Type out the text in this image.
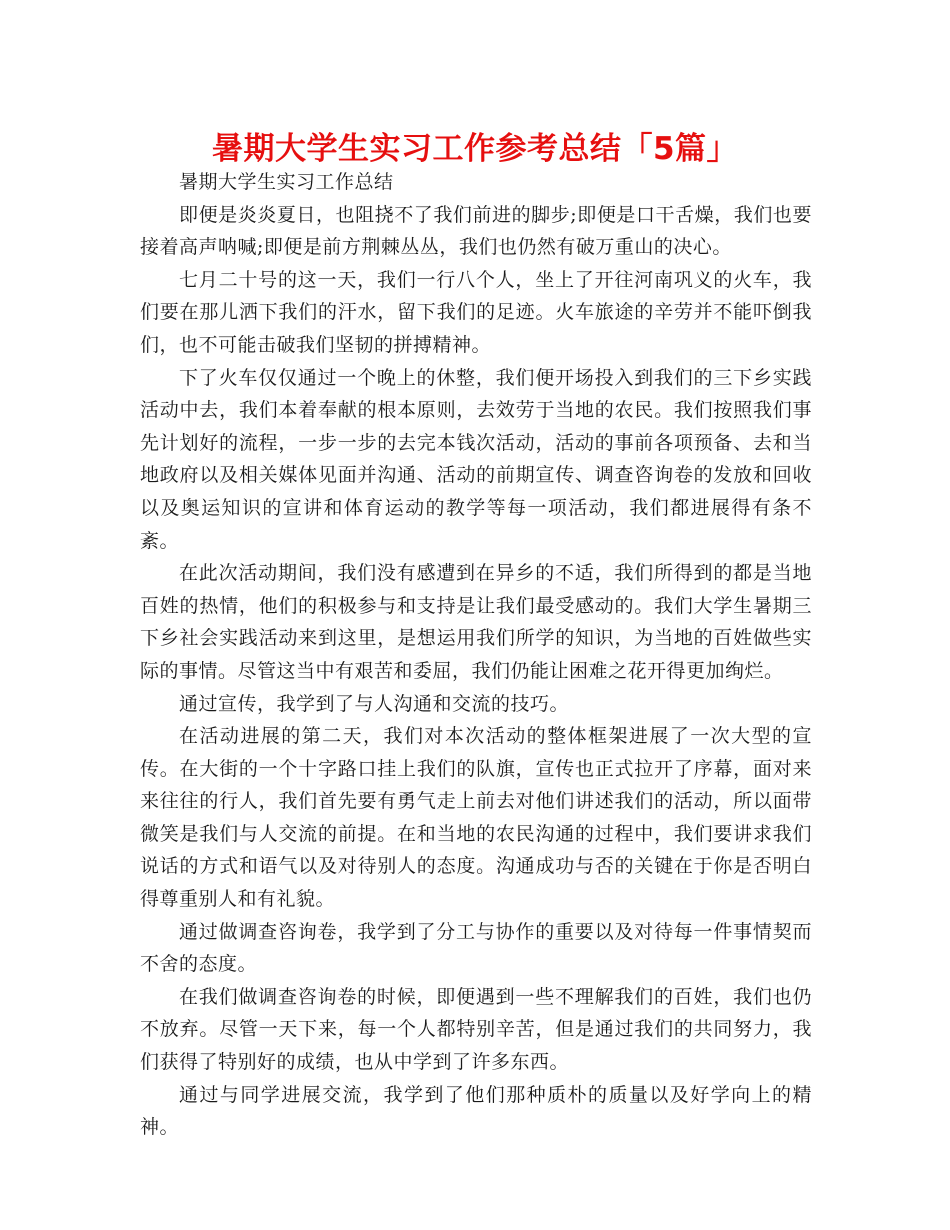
暑期大学生实习工作参考总结「5篇」

暑期大学生实习工作总结

即便是炎炎夏日，也阻挠不了我们前进的脚步;即便是口干舌燥，我们也要接着高声呐喊;即便是前方荆棘丛丛，我们也仍然有破万重山的决心。

七月二十号的这一天，我们一行八个人，坐上了开往河南巩义的火车，我们要在那儿洒下我们的汗水，留下我们的足迹。火车旅途的辛劳并不能吓倒我们，也不可能击破我们坚韧的拼搏精神。

下了火车仅仅通过一个晚上的休整，我们便开场投入到我们的三下乡实践活动中去，我们本着奉献的根本原则，去效劳于当地的农民。我们按照我们事先计划好的流程，一步一步的去完本钱次活动，活动的事前各项预备、去和当地政府以及相关媒体见面并沟通、活动的前期宣传、调查咨询卷的发放和回收以及奥运知识的宣讲和体育运动的教学等每一项活动，我们都进展得有条不紊。

在此次活动期间，我们没有感遭到在异乡的不适，我们所得到的都是当地百姓的热情，他们的积极参与和支持是让我们最受感动的。我们大学生暑期三下乡社会实践活动来到这里，是想运用我们所学的知识，为当地的百姓做些实际的事情。尽管这当中有艰苦和委屈，我们仍能让困难之花开得更加绚烂。

通过宣传，我学到了与人沟通和交流的技巧。

在活动进展的第二天，我们对本次活动的整体框架进展了一次大型的宣传。在大街的一个十字路口挂上我们的队旗，宣传也正式拉开了序幕，面对来来往往的行人，我们首先要有勇气走上前去对他们讲述我们的活动，所以面带微笑是我们与人交流的前提。在和当地的农民沟通的过程中，我们要讲求我们说话的方式和语气以及对待别人的态度。沟通成功与否的关键在于你是否明白得尊重别人和有礼貌。

通过做调查咨询卷，我学到了分工与协作的重要以及对待每一件事情契而不舍的态度。

在我们做调查咨询卷的时候，即便遇到一些不理解我们的百姓，我们也仍不放弃。尽管一天下来，每一个人都特别辛苦，但是通过我们的共同努力，我们获得了特别好的成绩，也从中学到了许多东西。

通过与同学进展交流，我学到了他们那种质朴的质量以及好学向上的精神。
